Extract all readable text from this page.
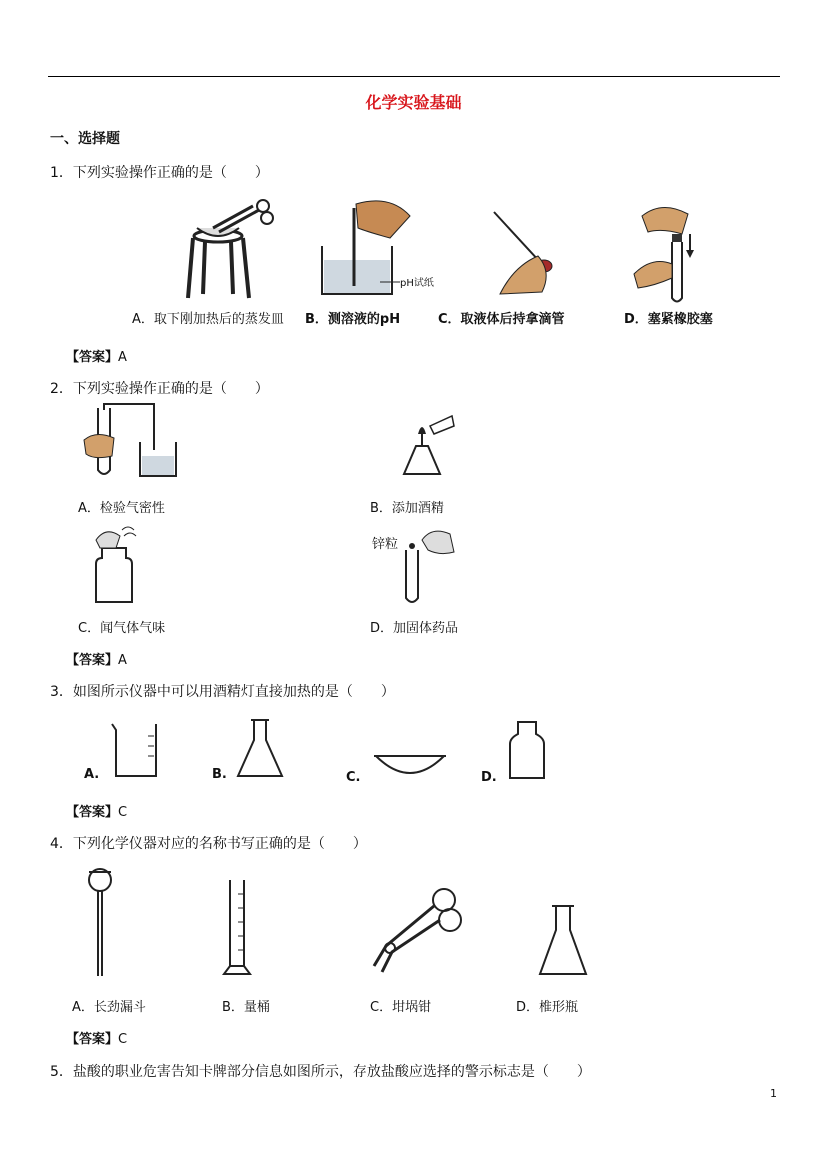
化学实验基础
一、选择题
1．下列实验操作正确的是（　　）
pH试纸
A．取下刚加热后的蒸发皿 B．测溶液的pH	C．取液体后持拿滴管	D．塞紧橡胶塞
【答案】A
2．下列实验操作正确的是（　　）
A．检验气密性	B．添加酒精
锌粒
C．闻气体气味	D．加固体药品
【答案】A
3．如图所示仪器中可以用酒精灯直接加热的是（　　）
A.	B.	C.	D.
【答案】C
4．下列化学仪器对应的名称书写正确的是（　　）
A．长劲漏斗	B．量桶	C．坩埚钳	D．椎形瓶
【答案】C
5．盐酸的职业危害告知卡牌部分信息如图所示，存放盐酸应选择的警示标志是（　　）
1
